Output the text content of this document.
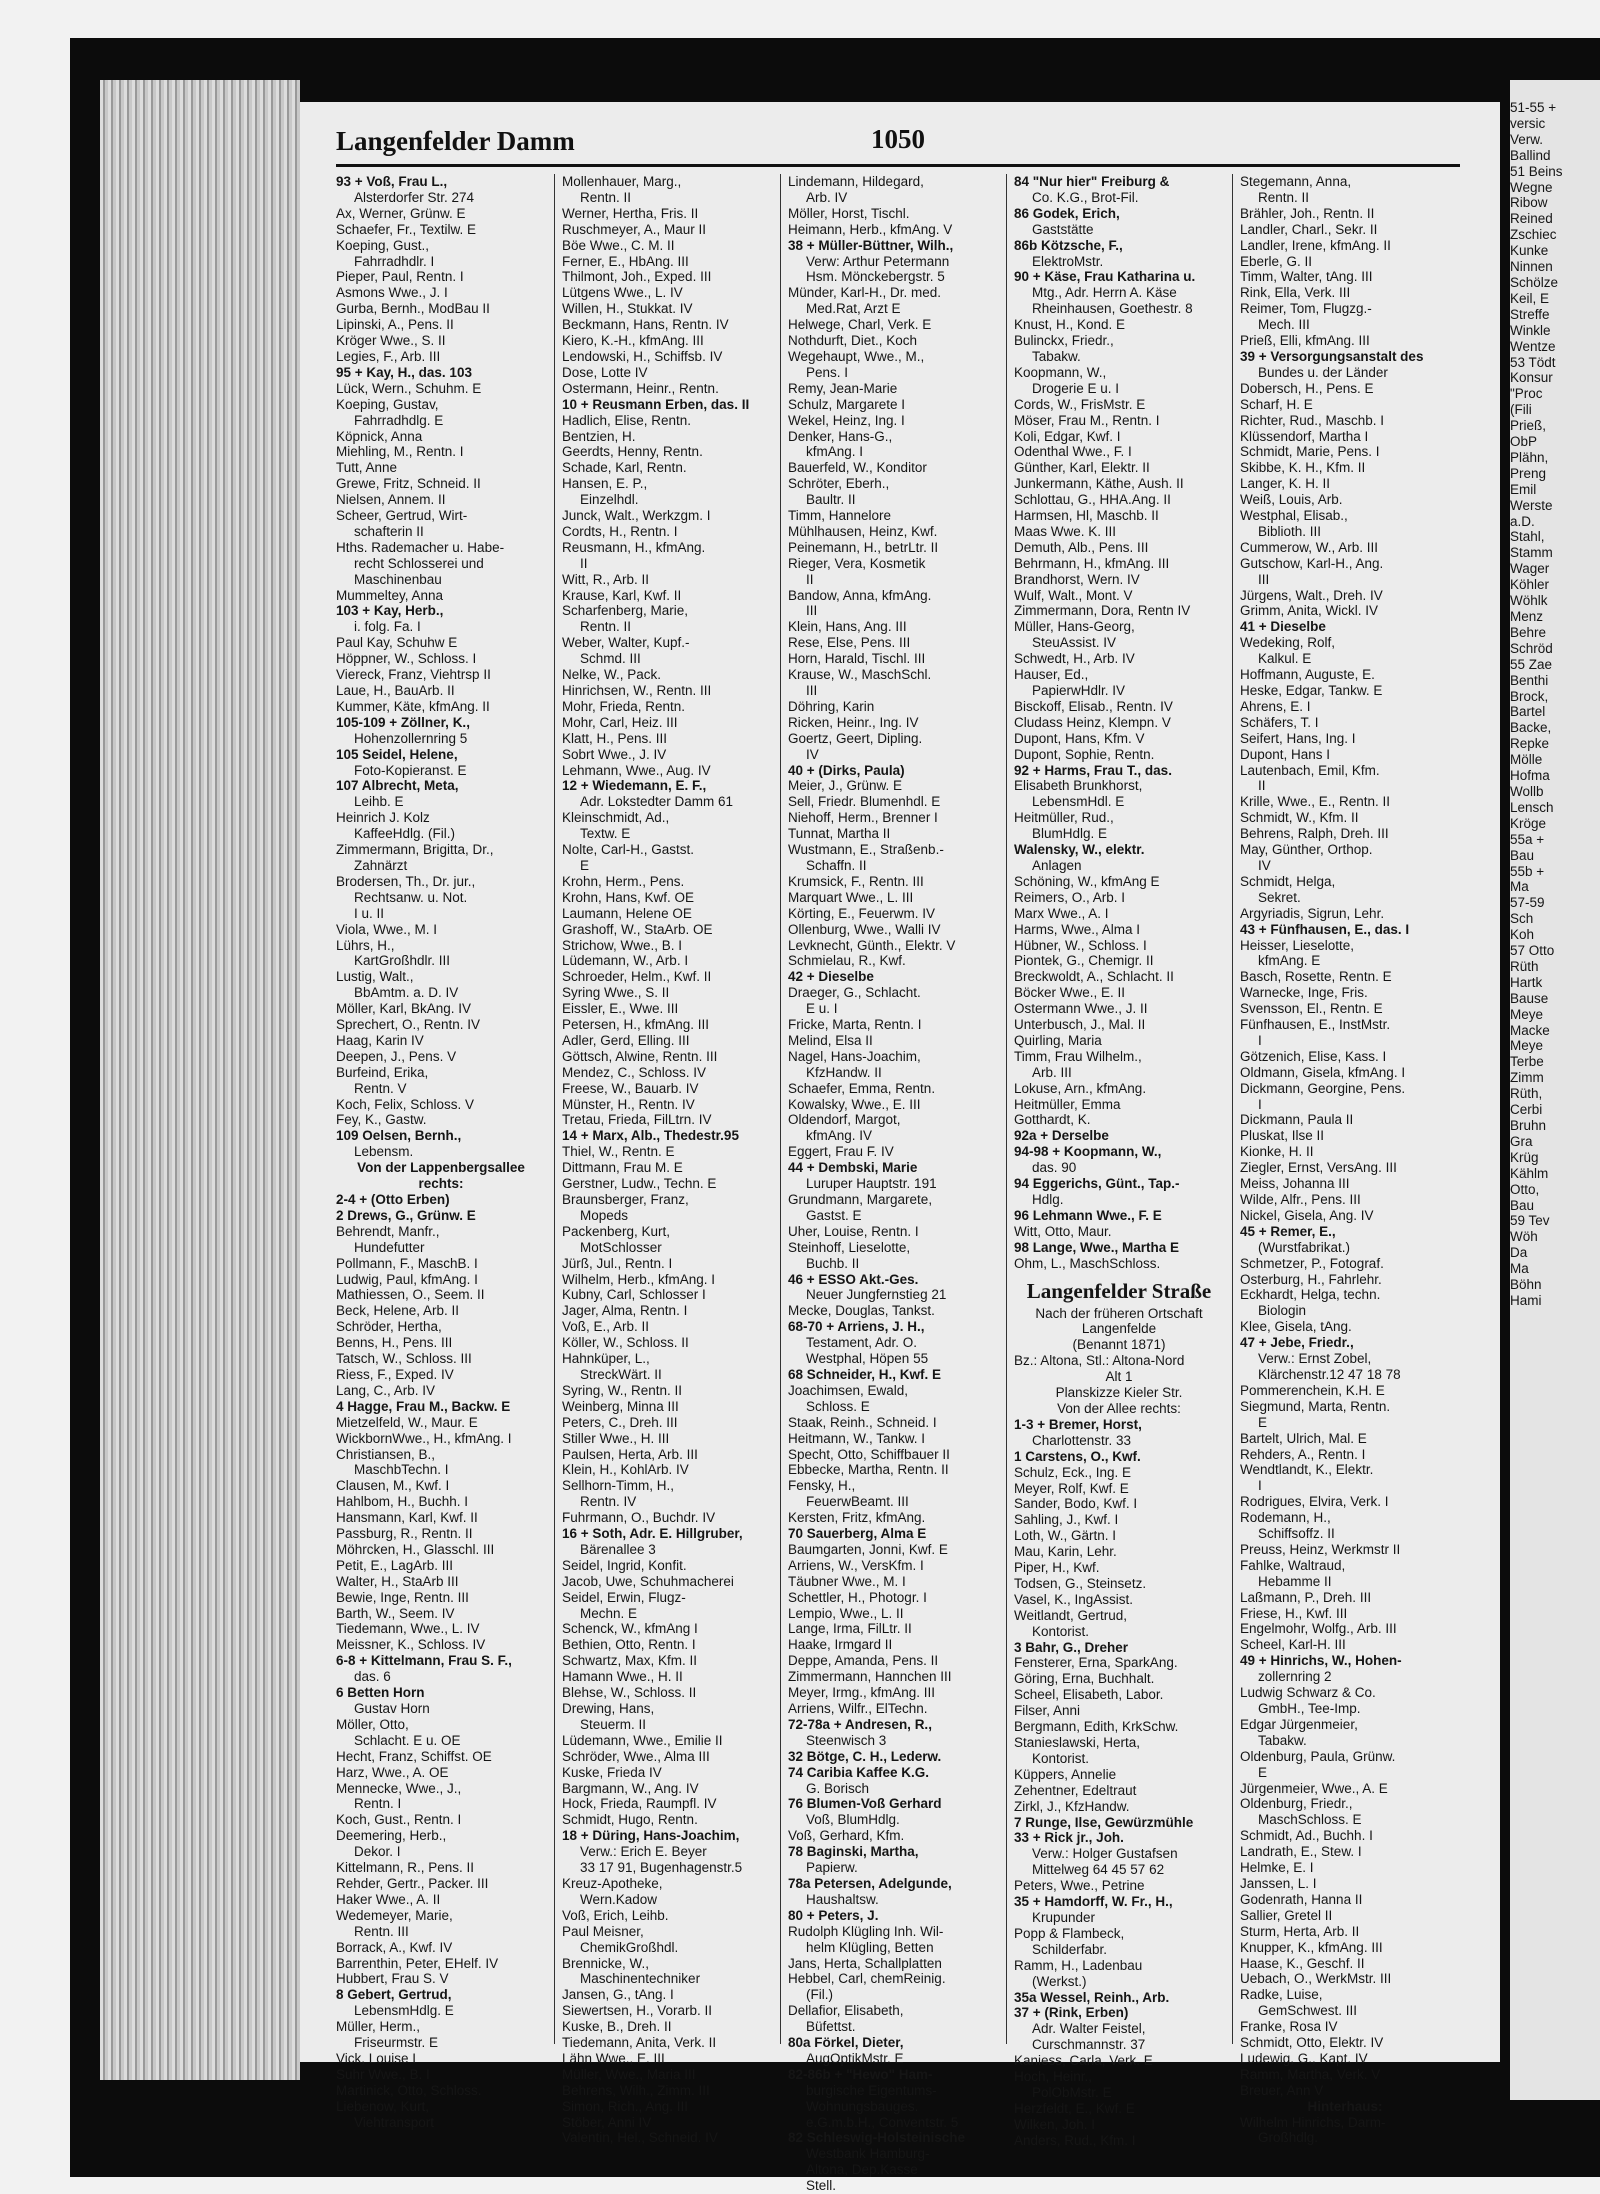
Langenfelder Damm	1050
93 + Voß, Frau L.,
Alsterdorfer Str. 274
Ax, Werner, Grünw. E
Schaefer, Fr., Textilw. E
Koeping, Gust.,
Fahrradhdlr. I
Pieper, Paul, Rentn. I
Asmons Wwe., J. I
Gurba, Bernh., ModBau II
Lipinski, A., Pens. II
Kröger Wwe., S. II
Legies, F., Arb. III
95 + Kay, H., das. 103
Lück, Wern., Schuhm. E
Koeping, Gustav,
Fahrradhdlg. E
Köpnick, Anna
Miehling, M., Rentn. I
Tutt, Anne
Grewe, Fritz, Schneid. II
Nielsen, Annem. II
Scheer, Gertrud, Wirt-
schafterin II
Hths. Rademacher u. Habe-
recht Schlosserei und
Maschinenbau
Mummeltey, Anna
103 + Kay, Herb.,
i. folg. Fa. I
Paul Kay, Schuhw E
Höppner, W., Schloss. I
Viereck, Franz, Viehtrsp II
Laue, H., BauArb. II
Kummer, Käte, kfmAng. II
105-109 + Zöllner, K.,
Hohenzollernring 5
105 Seidel, Helene,
Foto-Kopieranst. E
107 Albrecht, Meta,
Leihb. E
Heinrich J. Kolz
KaffeeHdlg. (Fil.)
Zimmermann, Brigitta, Dr.,
Zahnärzt
Brodersen, Th., Dr. jur.,
Rechtsanw. u. Not.
I u. II
Viola, Wwe., M. I
Lührs, H.,
KartGroßhdlr. III
Lustig, Walt.,
BbAmtm. a. D. IV
Möller, Karl, BkAng. IV
Sprechert, O., Rentn. IV
Haag, Karin IV
Deepen, J., Pens. V
Burfeind, Erika,
Rentn. V
Koch, Felix, Schloss. V
Fey, K., Gastw.
109 Oelsen, Bernh.,
Lebensm.
Von der Lappenbergsallee
rechts:
2-4 + (Otto Erben)
2 Drews, G., Grünw. E
Behrendt, Manfr.,
Hundefutter
Pollmann, F., MaschB. I
Ludwig, Paul, kfmAng. I
Mathiessen, O., Seem. II
Beck, Helene, Arb. II
Schröder, Hertha,
Benns, H., Pens. III
Tatsch, W., Schloss. III
Riess, F., Exped. IV
Lang, C., Arb. IV
4 Hagge, Frau M., Backw. E
Mietzelfeld, W., Maur. E
WickbornWwe., H., kfmAng. I
Christiansen, B.,
MaschbTechn. I
Clausen, M., Kwf. I
Hahlbom, H., Buchh. I
Hansmann, Karl, Kwf. II
Passburg, R., Rentn. II
Möhrcken, H., Glasschl. III
Petit, E., LagArb. III
Walter, H., StaArb III
Bewie, Inge, Rentn. III
Barth, W., Seem. IV
Tiedemann, Wwe., L. IV
Meissner, K., Schloss. IV
6-8 + Kittelmann, Frau S. F.,
das. 6
6 Betten Horn
Gustav Horn
Möller, Otto,
Schlacht. E u. OE
Hecht, Franz, Schiffst. OE
Harz, Wwe., A. OE
Mennecke, Wwe., J.,
Rentn. I
Koch, Gust., Rentn. I
Deemering, Herb.,
Dekor. I
Kittelmann, R., Pens. II
Rehder, Gertr., Packer. III
Haker Wwe., A. II
Wedemeyer, Marie,
Rentn. III
Borrack, A., Kwf. IV
Barrenthin, Peter, EHelf. IV
Hubbert, Frau S. V
8 Gebert, Gertrud,
LebensmHdlg. E
Müller, Herm.,
Friseurmstr. E
Vick, Louise I
Suhr Wwe., B. I
Martinick, Otto, Schloss.
Liebenow, Kurt,
Viehtransport
Mollenhauer, Marg.,
Rentn. II
Werner, Hertha, Fris. II
Ruschmeyer, A., Maur II
Böe Wwe., C. M. II
Ferner, E., HbAng. III
Thilmont, Joh., Exped. III
Lütgens Wwe., L. IV
Willen, H., Stukkat. IV
Beckmann, Hans, Rentn. IV
Kiero, K.-H., kfmAng. III
Lendowski, H., Schiffsb. IV
Dose, Lotte IV
Ostermann, Heinr., Rentn.
10 + Reusmann Erben, das. II
Hadlich, Elise, Rentn.
Bentzien, H.
Geerdts, Henny, Rentn.
Schade, Karl, Rentn.
Hansen, E. P.,
Einzelhdl.
Junck, Walt., Werkzgm. I
Cordts, H., Rentn. I
Reusmann, H., kfmAng.
II
Witt, R., Arb. II
Krause, Karl, Kwf. II
Scharfenberg, Marie,
Rentn. II
Weber, Walter, Kupf.-
Schmd. III
Nelke, W., Pack.
Hinrichsen, W., Rentn. III
Mohr, Frieda, Rentn.
Mohr, Carl, Heiz. III
Klatt, H., Pens. III
Sobrt Wwe., J. IV
Lehmann, Wwe., Aug. IV
12 + Wiedemann, E. F.,
Adr. Lokstedter Damm 61
Kleinschmidt, Ad.,
Textw. E
Nolte, Carl-H., Gastst.
E
Krohn, Herm., Pens.
Krohn, Hans, Kwf. OE
Laumann, Helene OE
Grashoff, W., StaArb. OE
Strichow, Wwe., B. I
Lüdemann, W., Arb. I
Schroeder, Helm., Kwf. II
Syring Wwe., S. II
Eissler, E., Wwe. III
Petersen, H., kfmAng. III
Adler, Gerd, Elling. III
Göttsch, Alwine, Rentn. III
Mendez, C., Schloss. IV
Freese, W., Bauarb. IV
Münster, H., Rentn. IV
Tretau, Frieda, FilLtrn. IV
14 + Marx, Alb., Thedestr.95
Thiel, W., Rentn. E
Dittmann, Frau M. E
Gerstner, Ludw., Techn. E
Braunsberger, Franz,
Mopeds
Packenberg, Kurt,
MotSchlosser
Jürß, Jul., Rentn. I
Wilhelm, Herb., kfmAng. I
Kubny, Carl, Schlosser I
Jager, Alma, Rentn. I
Voß, E., Arb. II
Köller, W., Schloss. II
Hahnküper, L.,
StreckWärt. II
Syring, W., Rentn. II
Weinberg, Minna III
Peters, C., Dreh. III
Stiller Wwe., H. III
Paulsen, Herta, Arb. III
Klein, H., KohlArb. IV
Sellhorn-Timm, H.,
Rentn. IV
Fuhrmann, O., Buchdr. IV
16 + Soth, Adr. E. Hillgruber,
Bärenallee 3
Seidel, Ingrid, Konfit.
Jacob, Uwe, Schuhmacherei
Seidel, Erwin, Flugz-
Mechn. E
Schenck, W., kfmAng I
Bethien, Otto, Rentn. I
Schwartz, Max, Kfm. II
Hamann Wwe., H. II
Blehse, W., Schloss. II
Drewing, Hans,
Steuerm. II
Lüdemann, Wwe., Emilie II
Schröder, Wwe., Alma III
Kuske, Frieda IV
Bargmann, W., Ang. IV
Hock, Frieda, Raumpfl. IV
Schmidt, Hugo, Rentn.
18 + Düring, Hans-Joachim,
Verw.: Erich E. Beyer
33 17 91, Bugenhagenstr.5
Kreuz-Apotheke,
Wern.Kadow
Voß, Erich, Leihb.
Paul Meisner,
ChemikGroßhdl.
Brennicke, W.,
Maschinentechniker
Jansen, G., tAng. I
Siewertsen, H., Vorarb. II
Kuske, B., Dreh. II
Tiedemann, Anita, Verk. II
Lähn Wwe., E. III
Müller, Wwe., Maria III
Behrens, Wilh., Zimm. III
Simon, Rich., Ang. III
Stöber, Anni IV
Valentin, Hel., Schneid. IV
Lindemann, Hildegard,
Arb. IV
Möller, Horst, Tischl.
Heimann, Herb., kfmAng. V
38 + Müller-Büttner, Wilh.,
Verw: Arthur Petermann
Hsm. Mönckebergstr. 5
Münder, Karl-H., Dr. med.
Med.Rat, Arzt E
Helwege, Charl, Verk. E
Nothdurft, Diet., Koch
Wegehaupt, Wwe., M.,
Pens. I
Remy, Jean-Marie
Schulz, Margarete I
Wekel, Heinz, Ing. I
Denker, Hans-G.,
kfmAng. I
Bauerfeld, W., Konditor
Schröter, Eberh.,
Baultr. II
Timm, Hannelore
Mühlhausen, Heinz, Kwf.
Peinemann, H., betrLtr. II
Rieger, Vera, Kosmetik
II
Bandow, Anna, kfmAng.
III
Klein, Hans, Ang. III
Rese, Else, Pens. III
Horn, Harald, Tischl. III
Krause, W., MaschSchl.
III
Döhring, Karin
Ricken, Heinr., Ing. IV
Goertz, Geert, Dipling.
IV
40 + (Dirks, Paula)
Meier, J., Grünw. E
Sell, Friedr. Blumenhdl. E
Niehoff, Herm., Brenner I
Tunnat, Martha II
Wustmann, E., Straßenb.-
Schaffn. II
Krumsick, F., Rentn. III
Marquart Wwe., L. III
Körting, E., Feuerwm. IV
Ollenburg, Wwe., Walli IV
Levknecht, Günth., Elektr. V
Schmielau, R., Kwf.
42 + Dieselbe
Draeger, G., Schlacht.
E u. I
Fricke, Marta, Rentn. I
Melind, Elsa II
Nagel, Hans-Joachim,
KfzHandw. II
Schaefer, Emma, Rentn.
Kowalsky, Wwe., E. III
Oldendorf, Margot,
kfmAng. IV
Eggert, Frau F. IV
44 + Dembski, Marie
Luruper Hauptstr. 191
Grundmann, Margarete,
Gastst. E
Uher, Louise, Rentn. I
Steinhoff, Lieselotte,
Buchb. II
46 + ESSO Akt.-Ges.
Neuer Jungfernstieg 21
Mecke, Douglas, Tankst.
68-70 + Arriens, J. H.,
Testament, Adr. O.
Westphal, Höpen 55
68 Schneider, H., Kwf. E
Joachimsen, Ewald,
Schloss. E
Staak, Reinh., Schneid. I
Heitmann, W., Tankw. I
Specht, Otto, Schiffbauer II
Ebbecke, Martha, Rentn. II
Fensky, H.,
FeuerwBeamt. III
Kersten, Fritz, kfmAng.
70 Sauerberg, Alma E
Baumgarten, Jonni, Kwf. E
Arriens, W., VersKfm. I
Täubner Wwe., M. I
Schettler, H., Photogr. I
Lempio, Wwe., L. II
Lange, Irma, FilLtr. II
Haake, Irmgard II
Deppe, Amanda, Pens. II
Zimmermann, Hannchen III
Meyer, Irmg., kfmAng. III
Arriens, Wilfr., ElTechn.
72-78a + Andresen, R.,
Steenwisch 3
32 Bötge, C. H., Lederw.
74 Caribia Kaffee K.G.
G. Borisch
76 Blumen-Voß Gerhard
Voß, BlumHdlg.
Voß, Gerhard, Kfm.
78 Baginski, Martha,
Papierw.
78a Petersen, Adelgunde,
Haushaltsw.
80 + Peters, J.
Rudolph Klügling Inh. Wil-
helm Klügling, Betten
Jans, Herta, Schallplatten
Hebbel, Carl, chemReinig.
(Fil.)
Dellafior, Elisabeth,
Büfettst.
80a Förkel, Dieter,
AugOptikMstr. E
82-86b + "Hewo" Ham-
burgische Eigentums-
Wohnungsbauges.
e.G.m.b.H., Conventstr. 5
82 Schleswig-Holsteinische
Westbank Hamburg-
Altona, Dep.Kasse
Stell.
84 "Nur hier" Freiburg &
Co. K.G., Brot-Fil.
86 Godek, Erich,
Gaststätte
86b Kötzsche, F.,
ElektroMstr.
90 + Käse, Frau Katharina u.
Mtg., Adr. Herrn A. Käse
Rheinhausen, Goethestr. 8
Knust, H., Kond. E
Bulinckx, Friedr.,
Tabakw.
Koopmann, W.,
Drogerie E u. I
Cords, W., FrisMstr. E
Möser, Frau M., Rentn. I
Koli, Edgar, Kwf. I
Odenthal Wwe., F. I
Günther, Karl, Elektr. II
Junkermann, Käthe, Aush. II
Schlottau, G., HHA.Ang. II
Harmsen, Hl, Maschb. II
Maas Wwe. K. III
Demuth, Alb., Pens. III
Behrmann, H., kfmAng. III
Brandhorst, Wern. IV
Wulf, Walt., Mont. V
Zimmermann, Dora, Rentn IV
Müller, Hans-Georg,
SteuAssist. IV
Schwedt, H., Arb. IV
Hauser, Ed.,
PapierwHdlr. IV
Bisckoff, Elisab., Rentn. IV
Cludass Heinz, Klempn. V
Dupont, Hans, Kfm. V
Dupont, Sophie, Rentn.
92 + Harms, Frau T., das.
Elisabeth Brunkhorst,
LebensmHdl. E
Heitmüller, Rud.,
BlumHdlg. E
Walensky, W., elektr.
Anlagen
Schöning, W., kfmAng E
Reimers, O., Arb. I
Marx Wwe., A. I
Harms, Wwe., Alma I
Hübner, W., Schloss. I
Piontek, G., Chemigr. II
Breckwoldt, A., Schlacht. II
Böcker Wwe., E. II
Ostermann Wwe., J. II
Unterbusch, J., Mal. II
Quirling, Maria
Timm, Frau Wilhelm.,
Arb. III
Lokuse, Arn., kfmAng.
Heitmüller, Emma
Gotthardt, K.
92a + Derselbe
94-98 + Koopmann, W.,
das. 90
94 Eggerichs, Günt., Tap.-
Hdlg.
96 Lehmann Wwe., F. E
Witt, Otto, Maur.
98 Lange, Wwe., Martha E
Ohm, L., MaschSchloss.
Langenfelder Straße
Nach der früheren Ortschaft
Langenfelde
(Benannt 1871)
Bz.: Altona, Stl.: Altona-Nord
Alt 1
Planskizze Kieler Str.
Von der Allee rechts:
1-3 + Bremer, Horst,
Charlottenstr. 33
1 Carstens, O., Kwf.
Schulz, Eck., Ing. E
Meyer, Rolf, Kwf. E
Sander, Bodo, Kwf. I
Sahling, J., Kwf. I
Loth, W., Gärtn. I
Mau, Karin, Lehr.
Piper, H., Kwf.
Todsen, G., Steinsetz.
Vasel, K., IngAssist.
Weitlandt, Gertrud,
Kontorist.
3 Bahr, G., Dreher
Fensterer, Erna, SparkAng.
Göring, Erna, Buchhalt.
Scheel, Elisabeth, Labor.
Filser, Anni
Bergmann, Edith, KrkSchw.
Stanieslawski, Herta,
Kontorist.
Küppers, Annelie
Zehentner, Edeltraut
Zirkl, J., KfzHandw.
7 Runge, Ilse, Gewürzmühle
33 + Rick jr., Joh.
Verw.: Holger Gustafsen
Mittelweg 64 45 57 62
Peters, Wwe., Petrine
35 + Hamdorff, W. Fr., H.,
Krupunder
Popp & Flambeck,
Schilderfabr.
Ramm, H., Ladenbau
(Werkst.)
35a Wessel, Reinh., Arb.
37 + (Rink, Erben)
Adr. Walter Feistel,
Curschmannstr. 37
Kaniess, Carla, Verk. E
Hoch, Heinr.,
PolObMstr. E
Herzfeldt, E., Kwf. E
Wilken, Joh. I
Anders, Rud., Kfm. I
Stegemann, Anna,
Rentn. II
Brähler, Joh., Rentn. II
Landler, Charl., Sekr. II
Landler, Irene, kfmAng. II
Eberle, G. II
Timm, Walter, tAng. III
Rink, Ella, Verk. III
Reimer, Tom, Flugzg.-
Mech. III
Prieß, Elli, kfmAng. III
39 + Versorgungsanstalt des
Bundes u. der Länder
Dobersch, H., Pens. E
Scharf, H. E
Richter, Rud., Maschb. I
Klüssendorf, Martha I
Schmidt, Marie, Pens. I
Skibbe, K. H., Kfm. II
Langer, K. H. II
Weiß, Louis, Arb.
Westphal, Elisab.,
Biblioth. III
Cummerow, W., Arb. III
Gutschow, Karl-H., Ang.
III
Jürgens, Walt., Dreh. IV
Grimm, Anita, Wickl. IV
41 + Dieselbe
Wedeking, Rolf,
Kalkul. E
Hoffmann, Auguste, E.
Heske, Edgar, Tankw. E
Ahrens, E. I
Schäfers, T. I
Seifert, Hans, Ing. I
Dupont, Hans I
Lautenbach, Emil, Kfm.
II
Krille, Wwe., E., Rentn. II
Schmidt, W., Kfm. II
Behrens, Ralph, Dreh. III
May, Günther, Orthop.
IV
Schmidt, Helga,
Sekret.
Argyriadis, Sigrun, Lehr.
43 + Fünfhausen, E., das. I
Heisser, Lieselotte,
kfmAng. E
Basch, Rosette, Rentn. E
Warnecke, Inge, Fris.
Svensson, El., Rentn. E
Fünfhausen, E., InstMstr.
I
Götzenich, Elise, Kass. I
Oldmann, Gisela, kfmAng. I
Dickmann, Georgine, Pens.
I
Dickmann, Paula II
Pluskat, Ilse II
Kionke, H. II
Ziegler, Ernst, VersAng. III
Meiss, Johanna III
Wilde, Alfr., Pens. III
Nickel, Gisela, Ang. IV
45 + Remer, E.,
(Wurstfabrikat.)
Schmetzer, P., Fotograf.
Osterburg, H., Fahrlehr.
Eckhardt, Helga, techn.
Biologin
Klee, Gisela, tAng.
47 + Jebe, Friedr.,
Verw.: Ernst Zobel,
Klärchenstr.12 47 18 78
Pommerenchein, K.H. E
Siegmund, Marta, Rentn.
E
Bartelt, Ulrich, Mal. E
Rehders, A., Rentn. I
Wendtlandt, K., Elektr.
I
Rodrigues, Elvira, Verk. I
Rodemann, H.,
Schiffsoffz. II
Preuss, Heinz, Werkmstr II
Fahlke, Waltraud,
Hebamme II
Laßmann, P., Dreh. III
Friese, H., Kwf. III
Engelmohr, Wolfg., Arb. III
Scheel, Karl-H. III
49 + Hinrichs, W., Hohen-
zollernring 2
Ludwig Schwarz & Co.
GmbH., Tee-Imp.
Edgar Jürgenmeier,
Tabakw.
Oldenburg, Paula, Grünw.
E
Jürgenmeier, Wwe., A. E
Oldenburg, Friedr.,
MaschSchloss. E
Schmidt, Ad., Buchh. I
Landrath, E., Stew. I
Helmke, E. I
Janssen, L. I
Godenrath, Hanna II
Sallier, Gretel II
Sturm, Herta, Arb. II
Knupper, K., kfmAng. III
Haase, K., Geschf. II
Uebach, O., WerkMstr. III
Radke, Luise,
GemSchwest. III
Franke, Rosa IV
Schmidt, Otto, Elektr. IV
Ludewig, G., Kapt. IV
Ramm, Martha, Verk. V
Breuer, Ann V
Hinterhaus:
Wilhelm Hinrichs, Darm-
Großhdlg.
51-55 +
versic
Verw.
Ballind
51 Beins
Wegne
Ribow
Reined
Zschiec
Kunke
Ninnen
Schölze
Keil, E
Streffe
Winkle
Wentze
53 Tödt
Konsur
"Proc
(Fili
Prieß,
ObP
Plähn,
Preng
Emil
Werste
a.D.
Stahl,
Stamm
Wager
Köhler
Wöhlk
Menz
Behre
Schröd
55 Zae
Benthi
Brock,
Bartel
Backe,
Repke
Mölle
Hofma
Wollb
Lensch
Kröge
55a +
Bau
55b +
Ma
57-59
Sch
Koh
57 Otto
Rüth
Hartk
Bause
Meye
Macke
Meye
Terbe
Zimm
Rüth,
Cerbi
Bruhn
Gra
Krüg
Kählm
Otto,
Bau
59 Tev
Wöh
Da
Ma
Böhn
Hami
